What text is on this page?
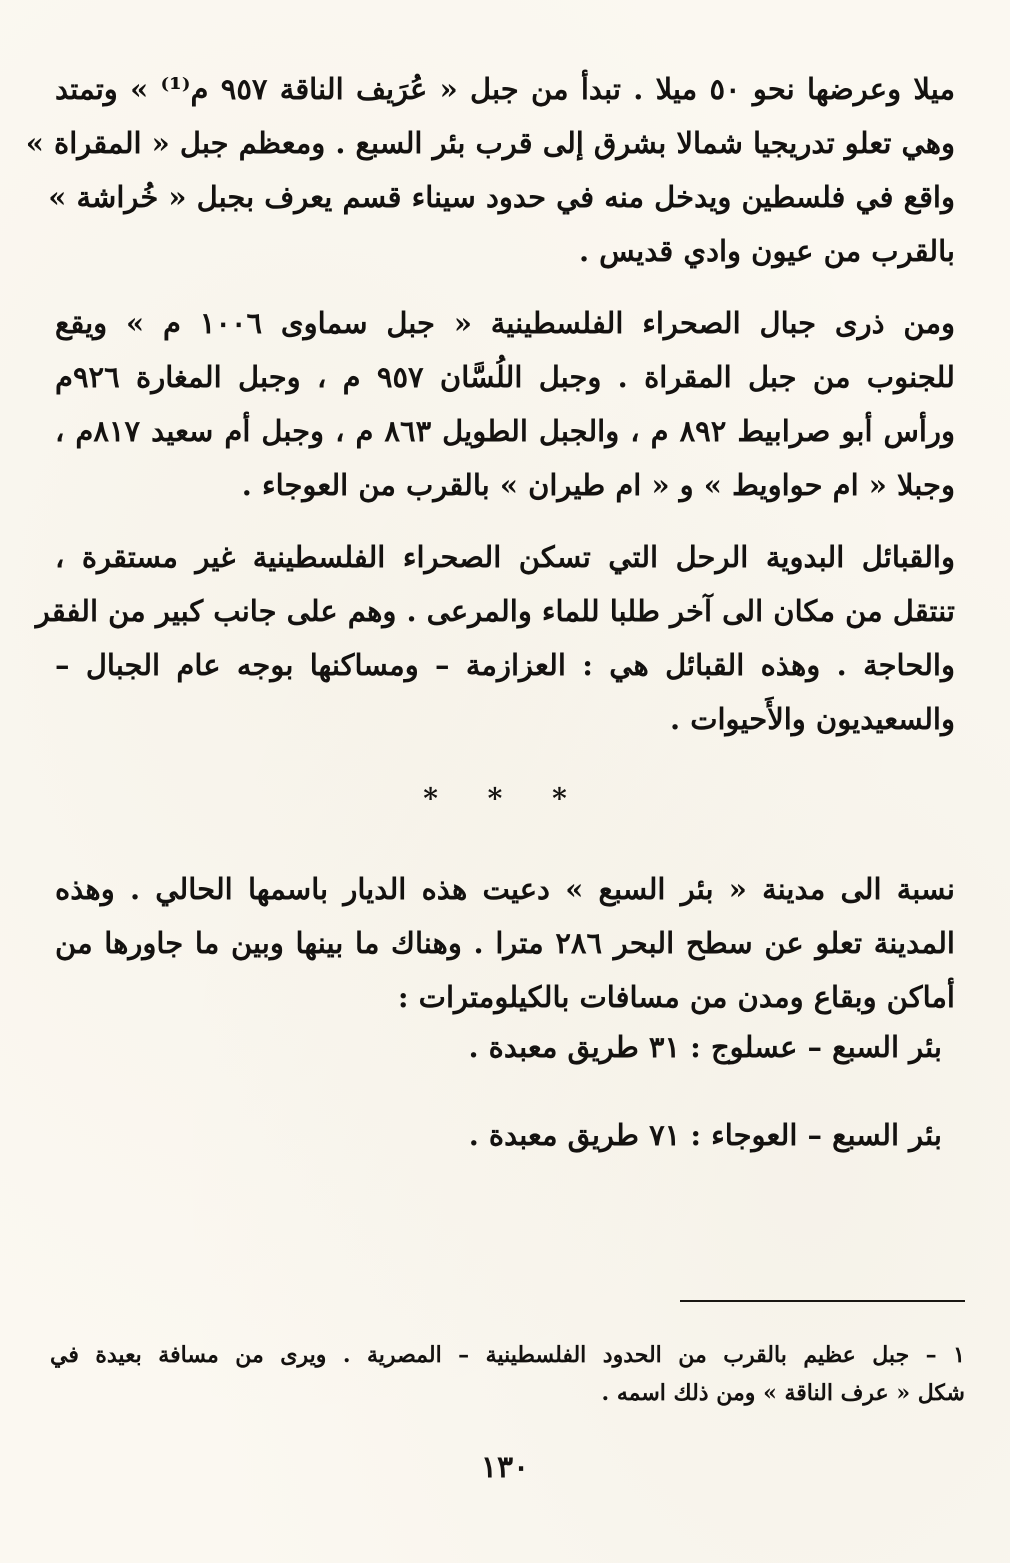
ميلا وعرضها نحو ٥٠ ميلا . تبدأ من جبل « عُرَيف الناقة ٩٥٧ م⁽¹⁾ » وتمتد
وهي تعلو تدريجيا شمالا بشرق إلى قرب بئر السبع . ومعظم جبل « المقراة »
واقع في فلسطين ويدخل منه في حدود سيناء قسم يعرف بجبل « خُراشة »
بالقرب من عيون وادي قديس .
ومن ذرى جبال الصحراء الفلسطينية « جبل سماوى ١٠٠٦ م » ويقع
للجنوب من جبل المقراة . وجبل اللُسَّان ٩٥٧ م ، وجبل المغارة ٩٢٦م
ورأس أبو صرابيط ٨٩٢ م ، والجبل الطويل ٨٦٣ م ، وجبل أم سعيد ٨١٧م ،
وجبلا « ام حواويط » و « ام طيران » بالقرب من العوجاء .
والقبائل البدوية الرحل التي تسكن الصحراء الفلسطينية غير مستقرة ،
تنتقل من مكان الى آخر طلبا للماء والمرعى . وهم على جانب كبير من الفقر
والحاجة . وهذه القبائل هي : العزازمة – ومساكنها بوجه عام الجبال –
والسعيديون والأَحيوات .
* * *
نسبة الى مدينة « بئر السبع » دعيت هذه الديار باسمها الحالي . وهذه
المدينة تعلو عن سطح البحر ٢٨٦ مترا . وهناك ما بينها وبين ما جاورها من
أماكن وبقاع ومدن من مسافات بالكيلومترات :
بئر السبع – عسلوج : ٣١ طريق معبدة .
بئر السبع – العوجاء : ٧١ طريق معبدة .
١ – جبل عظيم بالقرب من الحدود الفلسطينية – المصرية . ويرى من مسافة بعيدة في
شكل « عرف الناقة » ومن ذلك اسمه .
١٣٠
